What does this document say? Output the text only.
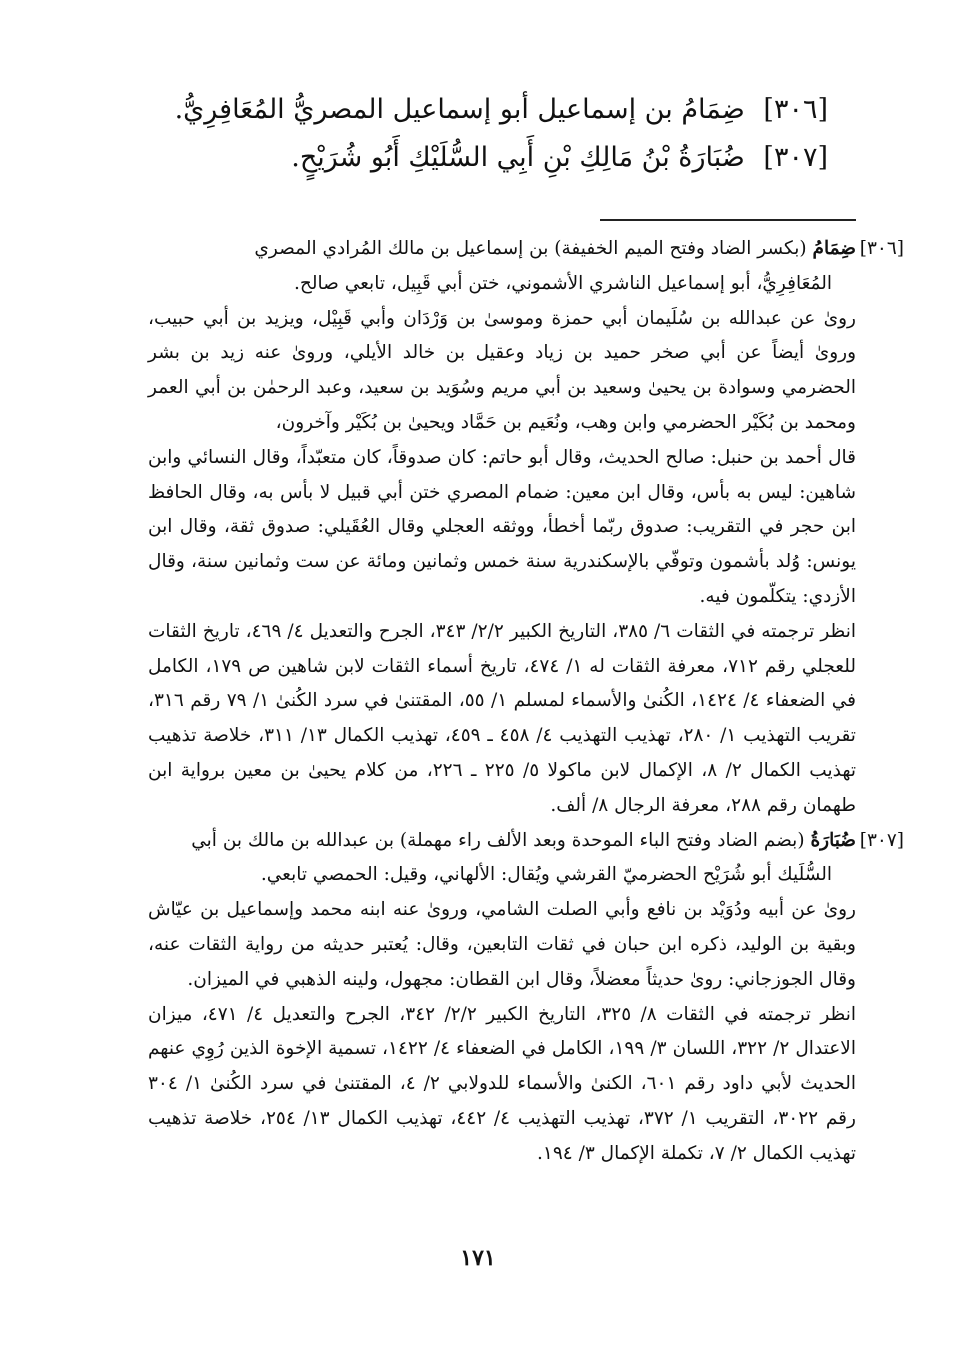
[٣٠٦] ضِمَامُ بن إسماعيل أبو إسماعيل المصريُّ المُعَافِرِيُّ.
[٣٠٧] ضُبَارَةُ بْنُ مَالِكِ بْنِ أَبِي السُّلَيْكِ أَبُو شُرَيْحٍ.

[٣٠٦]
ضِمَامُ (بكسر الضاد وفتح الميم الخفيفة) بن إسماعيل بن مالك المُرادي المصري

المُعَافِرِيُّ، أبو إسماعيل الناشري الأشموني، ختن أبي قَبِيل، تابعي صالح.

روىٰ عن عبدالله بن سُلَيمان أبي حمزة وموسىٰ بن وَرْدَان وأبي قَبِيْل، ويزيد بن أبي حبيب، وروىٰ أيضاً عن أبي صخر حميد بن زياد وعقيل بن خالد الأيلي، وروىٰ عنه زيد بن بشر الحضرمي وسوادة بن يحيىٰ وسعيد بن أبي مريم وسُوَيد بن سعيد، وعبد الرحمٰن بن أبي العمر ومحمد بن بُكَيْر الحضرمي وابن وهب، ونُعَيم بن حَمَّاد ويحيىٰ بن بُكَيْر وآخرون،

قال أحمد بن حنبل: صالح الحديث، وقال أبو حاتم: كان صدوقاً، كان متعبّداً، وقال النسائي وابن شاهين: ليس به بأس، وقال ابن معين: ضمام المصري ختن أبي قبيل لا بأس به، وقال الحافظ ابن حجر في التقريب: صدوق ربّما أخطأ، ووثقه العجلي وقال العُقَيلي: صدوق ثقة، وقال ابن يونس: وُلد بأشمون وتوفّي بالإسكندرية سنة خمس وثمانين ومائة عن ست وثمانين سنة، وقال الأزدي: يتكلّمون فيه.

انظر ترجمته في الثقات ٦/ ٣٨٥، التاريخ الكبير ٢/٢/ ٣٤٣، الجرح والتعديل ٤/ ٤٦٩، تاريخ الثقات للعجلي رقم ٧١٢، معرفة الثقات له ١/ ٤٧٤، تاريخ أسماء الثقات لابن شاهين ص ١٧٩، الكامل في الضعفاء ٤/ ١٤٢٤، الكُنىٰ والأسماء لمسلم ١/ ٥٥، المقتنىٰ في سرد الكُنىٰ ١/ ٧٩ رقم ٣١٦، تقريب التهذيب ١/ ٢٨٠، تهذيب التهذيب ٤/ ٤٥٨ ـ ٤٥٩، تهذيب الكمال ١٣/ ٣١١، خلاصة تذهيب تهذيب الكمال ٢/ ٨، الإكمال لابن ماكولا ٥/ ٢٢٥ ـ ٢٢٦، من كلام يحيىٰ بن معين برواية ابن طهمان رقم ٢٨٨، معرفة الرجال ٨/ ألف.

[٣٠٧]
ضُبَارَةُ (بضم الضاد وفتح الباء الموحدة وبعد الألف راء مهملة) بن عبدالله بن مالك بن أبي

السُّلَيك أبو شُرَيْح الحضرميّ القرشي ويُقال: الألهاني، وقيل: الحمصي تابعي.

روىٰ عن أبيه ودُوَيْد بن نافع وأبي الصلت الشامي، وروىٰ عنه ابنه محمد وإسماعيل بن عيّاش وبقية بن الوليد، ذكره ابن حبان في ثقات التابعين، وقال: يُعتبر حديثه من رواية الثقات عنه، وقال الجوزجاني: روىٰ حديثاً معضلاً، وقال ابن القطان: مجهول، ولينه الذهبي في الميزان.

انظر ترجمته في الثقات ٨/ ٣٢٥، التاريخ الكبير ٢/٢/ ٣٤٢، الجرح والتعديل ٤/ ٤٧١، ميزان الاعتدال ٢/ ٣٢٢، اللسان ٣/ ١٩٩، الكامل في الضعفاء ٤/ ١٤٢٢، تسمية الإخوة الذين رُوِي عنهم الحديث لأبي داود رقم ٦٠١، الكنىٰ والأسماء للدولابي ٢/ ٤، المقتنىٰ في سرد الكُنىٰ ١/ ٣٠٤ رقم ٣٠٢٢، التقريب ١/ ٣٧٢، تهذيب التهذيب ٤/ ٤٤٢، تهذيب الكمال ١٣/ ٢٥٤، خلاصة تذهيب تهذيب الكمال ٢/ ٧، تكملة الإكمال ٣/ ١٩٤.

١٧١
